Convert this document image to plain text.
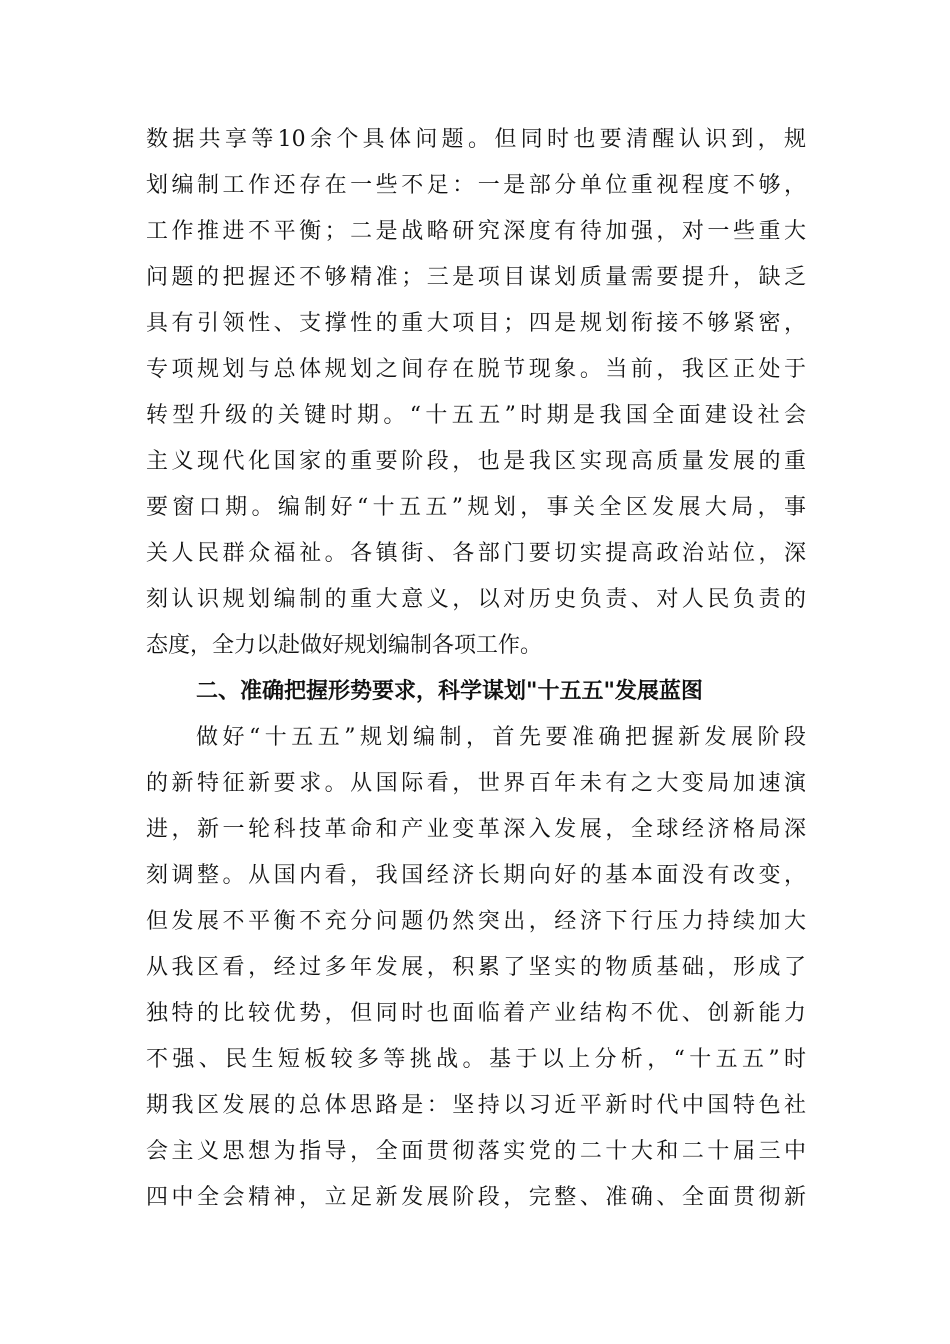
数据共享等10余个具体问题。但同时也要清醒认识到，规
划编制工作还存在一些不足：一是部分单位重视程度不够，
工作推进不平衡；二是战略研究深度有待加强，对一些重大
问题的把握还不够精准；三是项目谋划质量需要提升，缺乏
具有引领性、支撑性的重大项目；四是规划衔接不够紧密，
专项规划与总体规划之间存在脱节现象。当前，我区正处于
转型升级的关键时期。“十五五”时期是我国全面建设社会
主义现代化国家的重要阶段，也是我区实现高质量发展的重
要窗口期。编制好“十五五”规划，事关全区发展大局，事
关人民群众福祉。各镇街、各部门要切实提高政治站位，深
刻认识规划编制的重大意义，以对历史负责、对人民负责的
态度，全力以赴做好规划编制各项工作。
二、准确把握形势要求，科学谋划"十五五"发展蓝图
做好“十五五”规划编制，首先要准确把握新发展阶段
的新特征新要求。从国际看，世界百年未有之大变局加速演
进，新一轮科技革命和产业变革深入发展，全球经济格局深
刻调整。从国内看，我国经济长期向好的基本面没有改变，
但发展不平衡不充分问题仍然突出，经济下行压力持续加大
从我区看，经过多年发展，积累了坚实的物质基础，形成了
独特的比较优势，但同时也面临着产业结构不优、创新能力
不强、民生短板较多等挑战。基于以上分析，“十五五”时
期我区发展的总体思路是：坚持以习近平新时代中国特色社
会主义思想为指导，全面贯彻落实党的二十大和二十届三中
四中全会精神，立足新发展阶段，完整、准确、全面贯彻新
